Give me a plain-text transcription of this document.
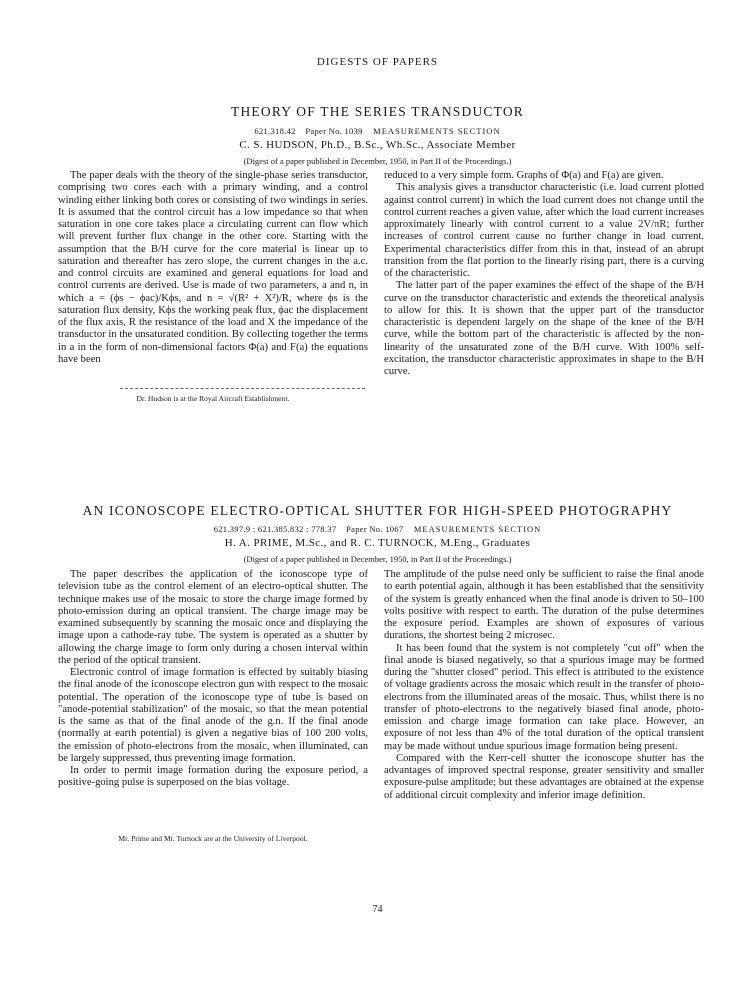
DIGESTS OF PAPERS
THEORY OF THE SERIES TRANSDUCTOR
621.318.42 Paper No. 1039 MEASUREMENTS SECTION
C. S. HUDSON, Ph.D., B.Sc., Wh.Sc., Associate Member
(Digest of a paper published in December, 1950, in Part II of the Proceedings.)

The paper deals with the theory of the single-phase series transductor, comprising two cores each with a primary winding, and a control winding either linking both cores or consisting of two windings in series. It is assumed that the control circuit has a low impedance so that when saturation in one core takes place a circulating current can flow which will prevent further flux change in the other core. Starting with the assumption that the B/H curve for the core material is linear up to saturation and thereafter has zero slope, the current changes in the a.c. and control circuits are examined and general equations for load and control currents are derived. Use is made of two parameters, a and n, in which a = (ϕs − ϕac)/Kϕs, and n = √(R² + X²)/R, where ϕs is the saturation flux density, Kϕs the working peak flux, ϕac the displacement of the flux axis, R the resistance of the load and X the impedance of the transductor in the unsaturated condition. By collecting together the terms in a in the form of non-dimensional factors Φ(a) and F(a) the equations have been

reduced to a very simple form. Graphs of Φ(a) and F(a) are given.

This analysis gives a transductor characteristic (i.e. load current plotted against control current) in which the load current does not change until the control current reaches a given value, after which the load current increases approximately linearly with control current to a value 2V/πR; further increases of control current cause no further change in load current. Experimental characteristics differ from this in that, instead of an abrupt transition from the flat portion to the linearly rising part, there is a curving of the characteristic.

The latter part of the paper examines the effect of the shape of the B/H curve on the transductor characteristic and extends the theoretical analysis to allow for this. It is shown that the upper part of the transductor characteristic is dependent largely on the shape of the knee of the B/H curve, while the bottom part of the characteristic is affected by the non-linearity of the unsaturated zone of the B/H curve. With 100% self-excitation, the transductor characteristic approximates in shape to the B/H curve.

Dr. Hudson is at the Royal Aircraft Establishment.
AN ICONOSCOPE ELECTRO-OPTICAL SHUTTER FOR HIGH-SPEED PHOTOGRAPHY
621.397.9 : 621.385.832 : 778.37 Paper No. 1067 MEASUREMENTS SECTION
H. A. PRIME, M.Sc., and R. C. TURNOCK, M.Eng., Graduates
(Digest of a paper published in December, 1950, in Part II of the Proceedings.)

The paper describes the application of the iconoscope type of television tube as the control element of an electro-optical shutter. The technique makes use of the mosaic to store the charge image formed by photo-emission during an optical transient. The charge image may be examined subsequently by scanning the mosaic once and displaying the image upon a cathode-ray tube. The system is operated as a shutter by allowing the charge image to form only during a chosen interval within the period of the optical transient.

Electronic control of image formation is effected by suitably biasing the final anode of the iconoscope electron gun with respect to the mosaic potential. The operation of the iconoscope type of tube is based on "anode-potential stabilization" of the mosaic, so that the mean potential is the same as that of the final anode of the g.n. If the final anode (normally at earth potential) is given a negative bias of 100 200 volts, the emission of photo-electrons from the mosaic, when illuminated, can be largely suppressed, thus preventing image formation.

In order to permit image formation during the exposure period, a positive-going pulse is superposed on the bias voltage.

The amplitude of the pulse need only be sufficient to raise the final anode to earth potential again, although it has been established that the sensitivity of the system is greatly enhanced when the final anode is driven to 50–100 volts positive with respect to earth. The duration of the pulse determines the exposure period. Examples are shown of exposures of various durations, the shortest being 2 microsec.

It has been found that the system is not completely "cut off" when the final anode is biased negatively, so that a spurious image may be formed during the "shutter closed" period. This effect is attributed to the existence of voltage gradients across the mosaic which result in the transfer of photo-electrons from the illuminated areas of the mosaic. Thus, whilst there is no transfer of photo-electrons to the negatively biased final anode, photo-emission and charge image formation can take place. However, an exposure of not less than 4% of the total duration of the optical transient may be made without undue spurious image formation being present.

Compared with the Kerr-cell shutter the iconoscope shutter has the advantages of improved spectral response, greater sensitivity and smaller exposure-pulse amplitude; but these advantages are obtained at the expense of additional circuit complexity and inferior image definition.

Mr. Prime and Mr. Turnock are at the University of Liverpool.
74
